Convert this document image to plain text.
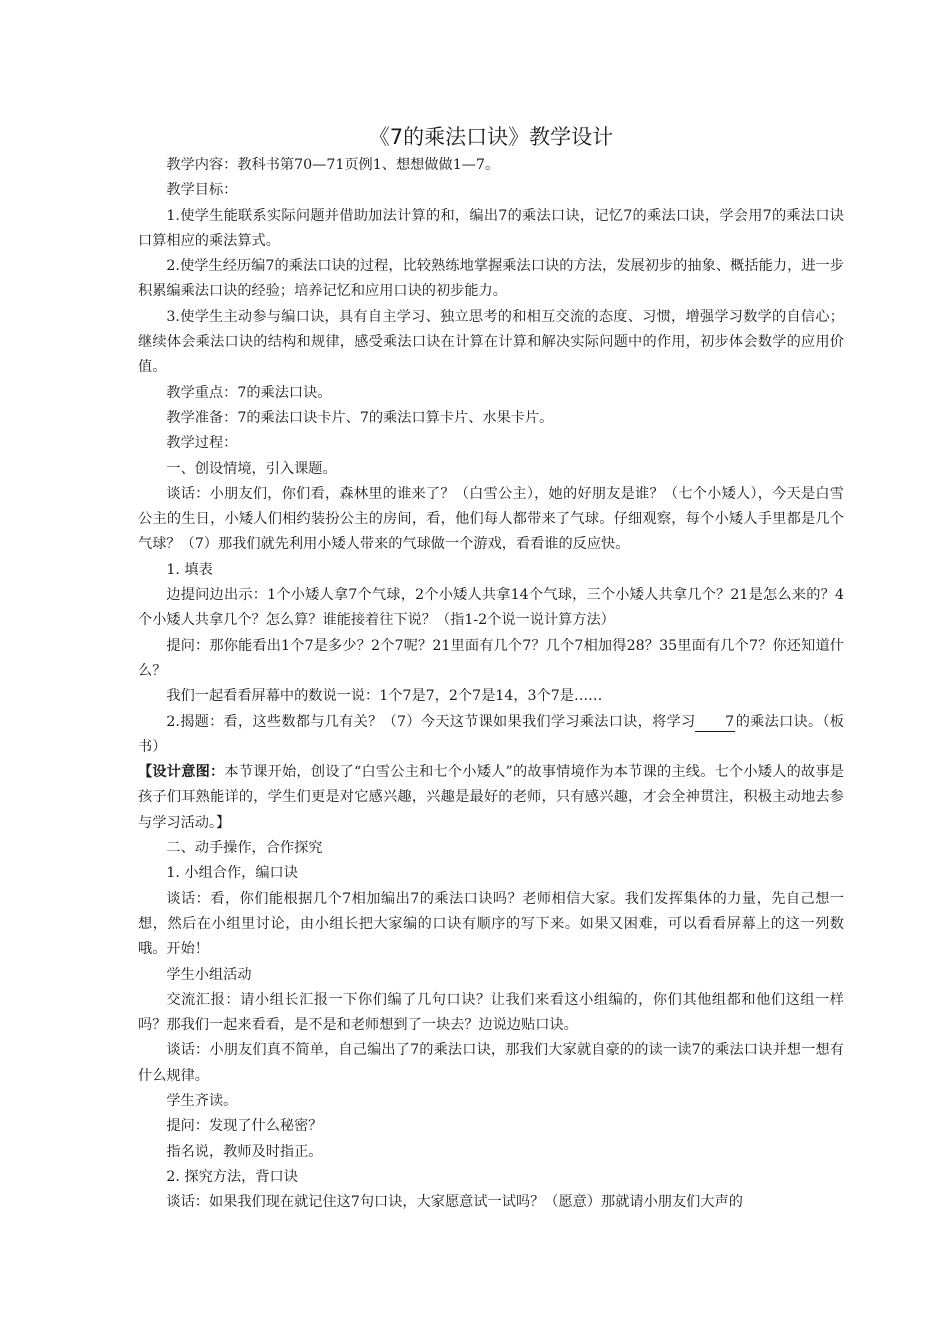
《7的乘法口诀》教学设计

教学内容：教科书第70—71页例1、想想做做1—7。

教学目标：

1.使学生能联系实际问题并借助加法计算的和，编出7的乘法口诀，记忆7的乘法口诀，学会用7的乘法口诀口算相应的乘法算式。

2.使学生经历编7的乘法口诀的过程，比较熟练地掌握乘法口诀的方法，发展初步的抽象、概括能力，进一步积累编乘法口诀的经验；培养记忆和应用口诀的初步能力。

3.使学生主动参与编口诀，具有自主学习、独立思考的和相互交流的态度、习惯，增强学习数学的自信心；继续体会乘法口诀的结构和规律，感受乘法口诀在计算在计算和解决实际问题中的作用，初步体会数学的应用价值。

教学重点：7的乘法口诀。

教学准备：7的乘法口诀卡片、7的乘法口算卡片、水果卡片。

教学过程：

一、创设情境，引入课题。

谈话：小朋友们，你们看，森林里的谁来了？（白雪公主），她的好朋友是谁？（七个小矮人），今天是白雪公主的生日，小矮人们相约装扮公主的房间，看，他们每人都带来了气球。仔细观察，每个小矮人手里都是几个气球？（7）那我们就先利用小矮人带来的气球做一个游戏，看看谁的反应快。

1. 填表

边提问边出示：1个小矮人拿7个气球，2个小矮人共拿14个气球，三个小矮人共拿几个？21是怎么来的？4个小矮人共拿几个？怎么算？谁能接着往下说？（指1-2个说一说计算方法）

提问：那你能看出1个7是多少？2个7呢？21里面有几个7？几个7相加得28？35里面有几个7？你还知道什么？

我们一起看看屏幕中的数说一说：1个7是7，2个7是14，3个7是……

2.揭题：看，这些数都与几有关？（7）今天这节课如果我们学习乘法口诀，将学习 7的乘法口诀。（板书）

【设计意图：本节课开始，创设了“白雪公主和七个小矮人”的故事情境作为本节课的主线。七个小矮人的故事是孩子们耳熟能详的，学生们更是对它感兴趣，兴趣是最好的老师，只有感兴趣，才会全神贯注，积极主动地去参与学习活动。】

二、动手操作，合作探究

1. 小组合作，编口诀

谈话：看，你们能根据几个7相加编出7的乘法口诀吗？老师相信大家。我们发挥集体的力量，先自己想一想，然后在小组里讨论，由小组长把大家编的口诀有顺序的写下来。如果又困难，可以看看屏幕上的这一列数哦。开始！

学生小组活动

交流汇报：请小组长汇报一下你们编了几句口诀？让我们来看这小组编的，你们其他组都和他们这组一样吗？那我们一起来看看，是不是和老师想到了一块去？边说边贴口诀。

谈话：小朋友们真不简单，自己编出了7的乘法口诀，那我们大家就自豪的的读一读7的乘法口诀并想一想有什么规律。

学生齐读。

提问：发现了什么秘密？

指名说，教师及时指正。

2. 探究方法，背口诀

谈话：如果我们现在就记住这7句口诀，大家愿意试一试吗？（愿意）那就请小朋友们大声的
